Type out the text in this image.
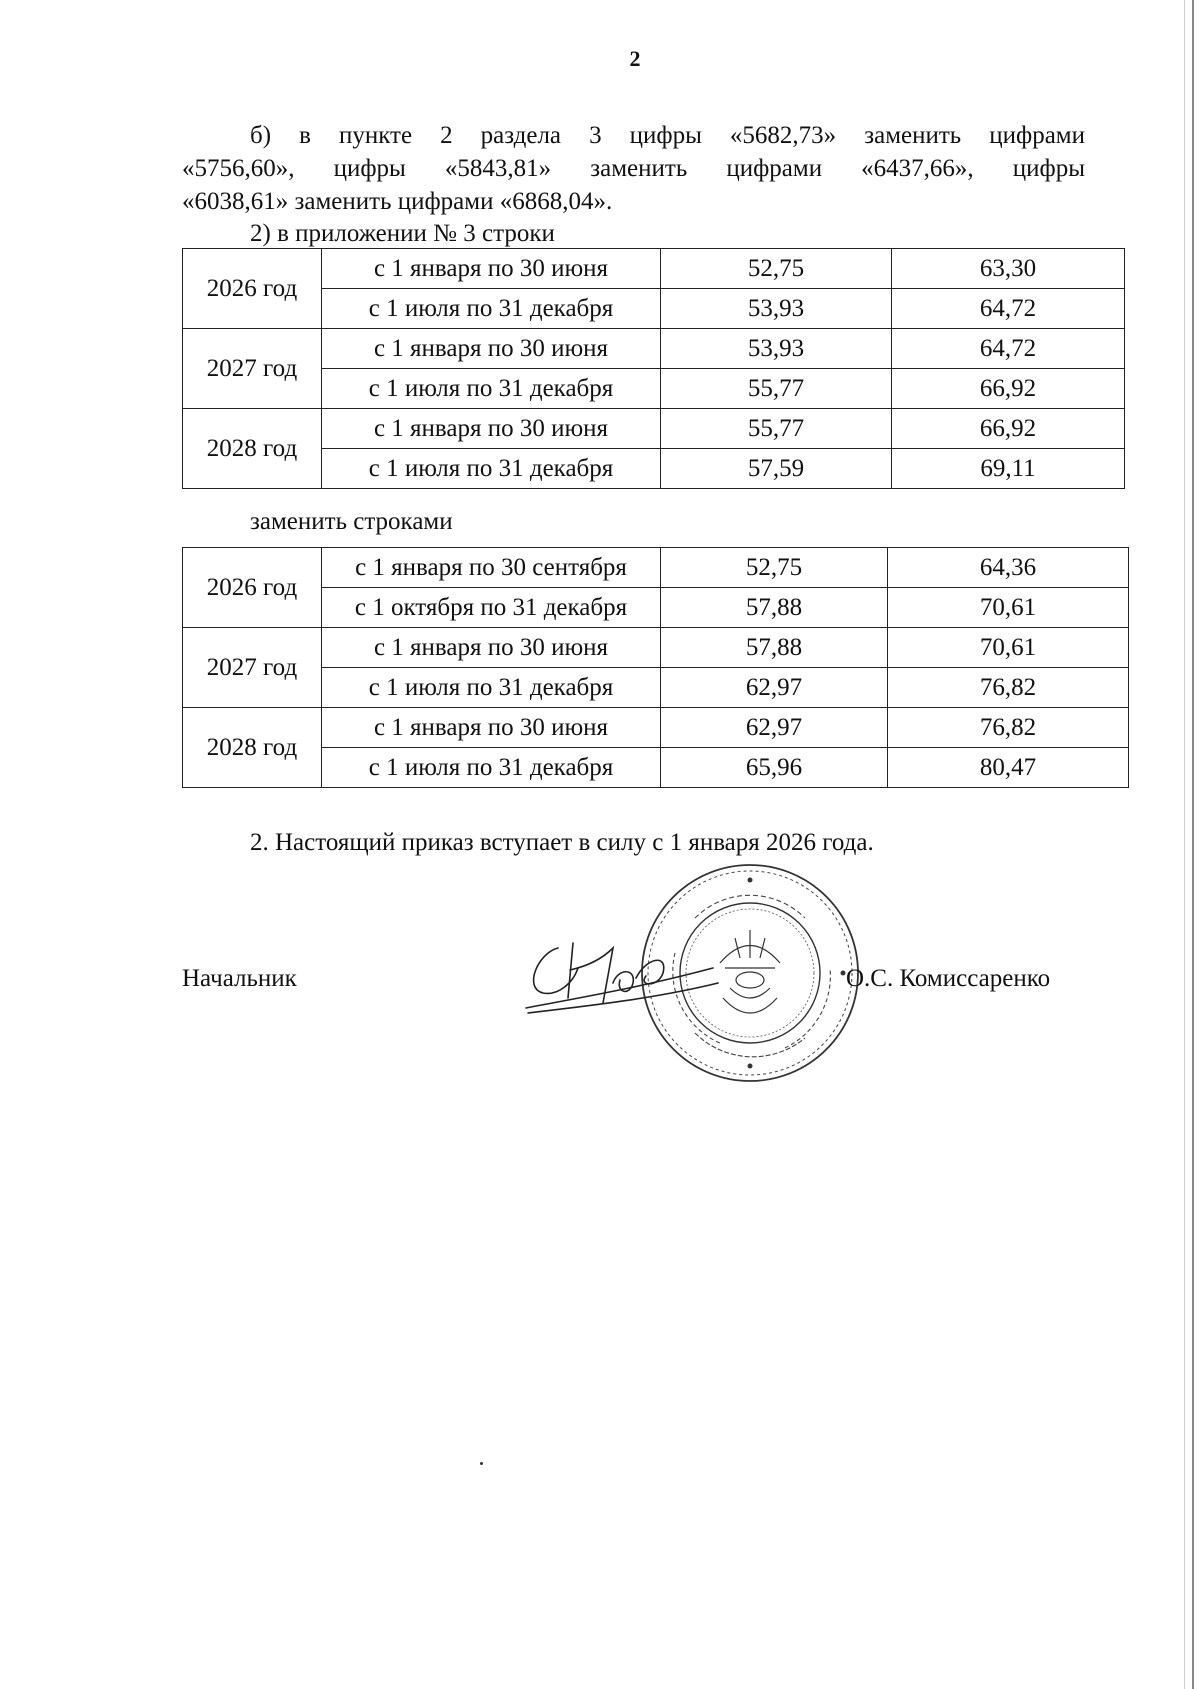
2
б) в пункте 2 раздела 3 цифры «5682,73» заменить цифрами
«5756,60», цифры «5843,81» заменить цифрами «6437,66», цифры
«6038,61» заменить цифрами «6868,04».
2) в приложении № 3 строки
2026 год	с 1 января по 30 июня	52,75	63,30
	с 1 июля по 31 декабря	53,93	64,72
2027 год	с 1 января по 30 июня	53,93	64,72
	с 1 июля по 31 декабря	55,77	66,92
2028 год	с 1 января по 30 июня	55,77	66,92
	с 1 июля по 31 декабря	57,59	69,11
заменить строками
2026 год	с 1 января по 30 сентября	52,75	64,36
	с 1 октября по 31 декабря	57,88	70,61
2027 год	с 1 января по 30 июня	57,88	70,61
	с 1 июля по 31 декабря	62,97	76,82
2028 год	с 1 января по 30 июня	62,97	76,82
	с 1 июля по 31 декабря	65,96	80,47
2. Настоящий приказ вступает в силу с 1 января 2026 года.
Начальник	О.С. Комиссаренко
